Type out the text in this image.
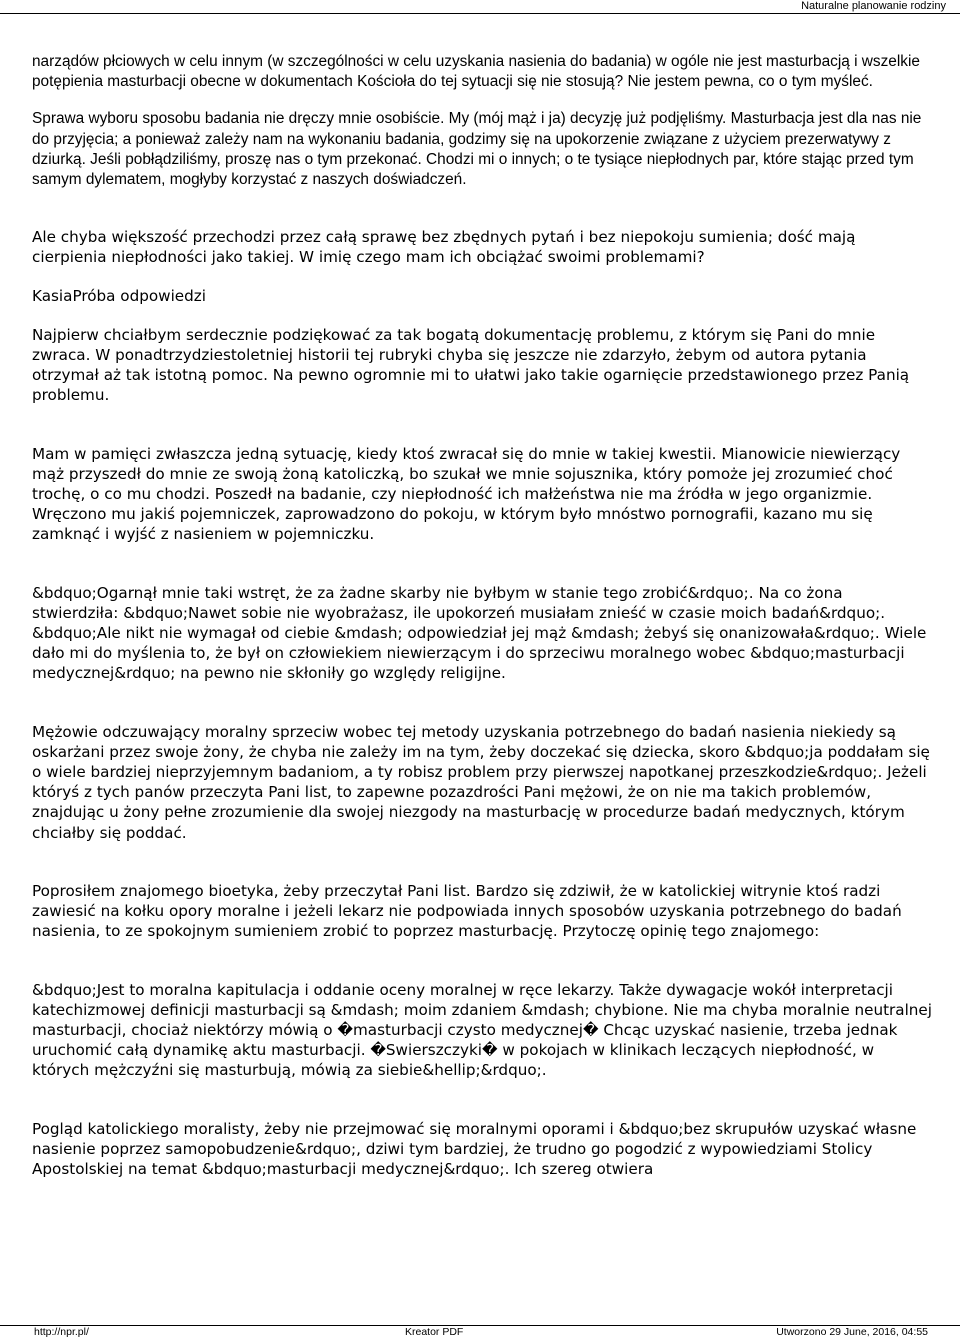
Naturalne planowanie rodziny

narządów płciowych w celu innym (w szczególności w celu uzyskania nasienia do badania) w ogóle nie jest masturbacją i wszelkie potępienia masturbacji obecne w dokumentach Kościoła do tej sytuacji się nie stosują? Nie jestem pewna, co o tym myśleć.

Sprawa wyboru sposobu badania nie dręczy mnie osobiście. My (mój mąż i ja) decyzję już podjęliśmy. Masturbacja jest dla nas nie do przyjęcia; a ponieważ zależy nam na wykonaniu badania, godzimy się na upokorzenie związane z użyciem prezerwatywy z dziurką. Jeśli pobłądziliśmy, proszę nas o tym przekonać. Chodzi mi o innych; o te tysiące niepłodnych par, które stając przed tym samym dylematem, mogłyby korzystać z naszych doświadczeń.

Ale chyba większość przechodzi przez całą sprawę bez zbędnych pytań i bez niepokoju sumienia; dość mają cierpienia niepłodności jako takiej. W imię czego mam ich obciążać swoimi problemami?

KasiaPróba odpowiedzi

Najpierw chciałbym serdecznie podziękować za tak bogatą dokumentację problemu, z którym się Pani do mnie zwraca. W ponadtrzydziestoletniej historii tej rubryki chyba się jeszcze nie zdarzyło, żebym od autora pytania otrzymał aż tak istotną pomoc. Na pewno ogromnie mi to ułatwi jako takie ogarnięcie przedstawionego przez Panią problemu.

Mam w pamięci zwłaszcza jedną sytuację, kiedy ktoś zwracał się do mnie w takiej kwestii. Mianowicie niewierzący mąż przyszedł do mnie ze swoją żoną katoliczką, bo szukał we mnie sojusznika, który pomoże jej zrozumieć choć trochę, o co mu chodzi. Poszedł na badanie, czy niepłodność ich małżeństwa nie ma źródła w jego organizmie. Wręczono mu jakiś pojemniczek, zaprowadzono do pokoju, w którym było mnóstwo pornografii, kazano mu się zamknąć i wyjść z nasieniem w pojemniczku.

&bdquo;Ogarnął mnie taki wstręt, że za żadne skarby nie byłbym w stanie tego zrobić&rdquo;. Na co żona stwierdziła: &bdquo;Nawet sobie nie wyobrażasz, ile upokorzeń musiałam znieść w czasie moich badań&rdquo;. &bdquo;Ale nikt nie wymagał od ciebie &mdash; odpowiedział jej mąż &mdash; żebyś się onanizowała&rdquo;. Wiele dało mi do myślenia to, że był on człowiekiem niewierzącym i do sprzeciwu moralnego wobec &bdquo;masturbacji medycznej&rdquo; na pewno nie skłoniły go względy religijne.

Mężowie odczuwający moralny sprzeciw wobec tej metody uzyskania potrzebnego do badań nasienia niekiedy są oskarżani przez swoje żony, że chyba nie zależy im na tym, żeby doczekać się dziecka, skoro &bdquo;ja poddałam się o wiele bardziej nieprzyjemnym badaniom, a ty robisz problem przy pierwszej napotkanej przeszkodzie&rdquo;. Jeżeli któryś z tych panów przeczyta Pani list, to zapewne pozazdrości Pani mężowi, że on nie ma takich problemów, znajdując u żony pełne zrozumienie dla swojej niezgody na masturbację w procedurze badań medycznych, którym chciałby się poddać.

Poprosiłem znajomego bioetyka, żeby przeczytał Pani list. Bardzo się zdziwił, że w katolickiej witrynie ktoś radzi zawiesić na kołku opory moralne i jeżeli lekarz nie podpowiada innych sposobów uzyskania potrzebnego do badań nasienia, to ze spokojnym sumieniem zrobić to poprzez masturbację. Przytoczę opinię tego znajomego:

&bdquo;Jest to moralna kapitulacja i oddanie oceny moralnej w ręce lekarzy. Także dywagacje wokół interpretacji katechizmowej definicji masturbacji są &mdash; moim zdaniem &mdash; chybione. Nie ma chyba moralnie neutralnej masturbacji, chociaż niektórzy mówią o �masturbacji czysto medycznej� Chcąc uzyskać nasienie, trzeba jednak uruchomić całą dynamikę aktu masturbacji. �Swierszczyki� w pokojach w klinikach leczących niepłodność, w których mężczyźni się masturbują, mówią za siebie&hellip;&rdquo;.

Pogląd katolickiego moralisty, żeby nie przejmować się moralnymi oporami i &bdquo;bez skrupułów uzyskać własne nasienie poprzez samopobudzenie&rdquo;, dziwi tym bardziej, że trudno go pogodzić z wypowiedziami Stolicy Apostolskiej na temat &bdquo;masturbacji medycznej&rdquo;. Ich szereg otwiera

http://npr.pl/	Kreator PDF	Utworzono 29 June, 2016, 04:55
